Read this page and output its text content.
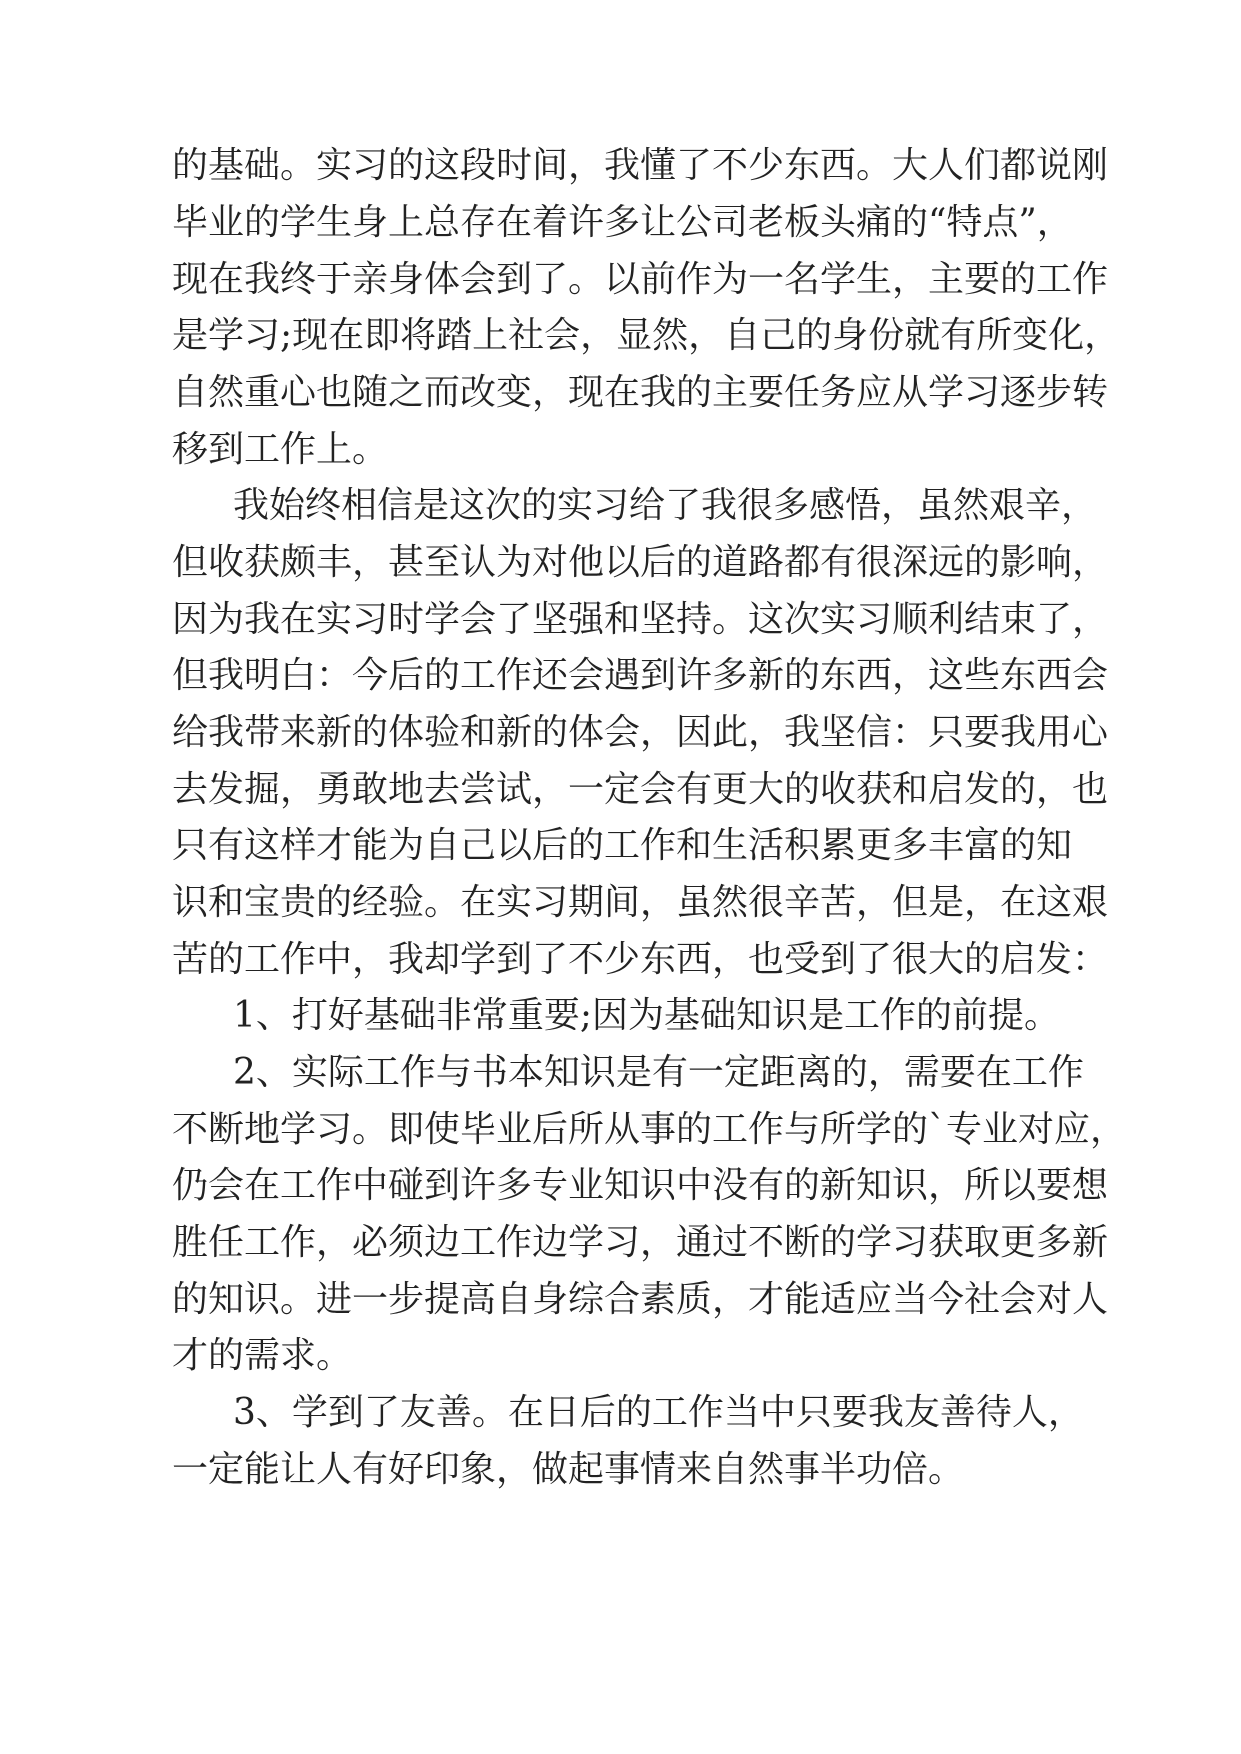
的基础。实习的这段时间，我懂了不少东西。大人们都说刚
毕业的学生身上总存在着许多让公司老板头痛的“特点”，
现在我终于亲身体会到了。以前作为一名学生，主要的工作
是学习;现在即将踏上社会，显然，自己的身份就有所变化，
自然重心也随之而改变，现在我的主要任务应从学习逐步转
移到工作上。
我始终相信是这次的实习给了我很多感悟，虽然艰辛，
但收获颇丰，甚至认为对他以后的道路都有很深远的影响，
因为我在实习时学会了坚强和坚持。这次实习顺利结束了，
但我明白：今后的工作还会遇到许多新的东西，这些东西会
给我带来新的体验和新的体会，因此，我坚信：只要我用心
去发掘，勇敢地去尝试，一定会有更大的收获和启发的，也
只有这样才能为自己以后的工作和生活积累更多丰富的知
识和宝贵的经验。在实习期间，虽然很辛苦，但是，在这艰
苦的工作中，我却学到了不少东西，也受到了很大的启发：
1、打好基础非常重要;因为基础知识是工作的前提。
2、实际工作与书本知识是有一定距离的，需要在工作
不断地学习。即使毕业后所从事的工作与所学的`专业对应，
仍会在工作中碰到许多专业知识中没有的新知识，所以要想
胜任工作，必须边工作边学习，通过不断的学习获取更多新
的知识。进一步提高自身综合素质，才能适应当今社会对人
才的需求。
3、学到了友善。在日后的工作当中只要我友善待人，
一定能让人有好印象，做起事情来自然事半功倍。
